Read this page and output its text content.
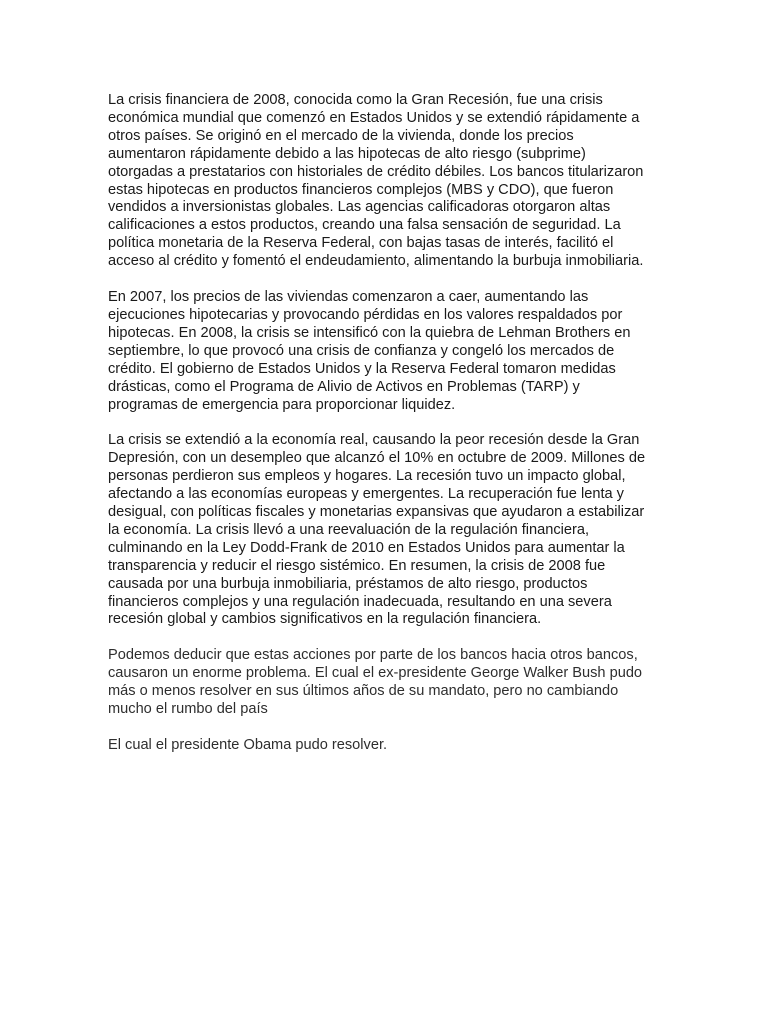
La crisis financiera de 2008, conocida como la Gran Recesión, fue una crisis
económica mundial que comenzó en Estados Unidos y se extendió rápidamente a
otros países. Se originó en el mercado de la vivienda, donde los precios
aumentaron rápidamente debido a las hipotecas de alto riesgo (subprime)
otorgadas a prestatarios con historiales de crédito débiles. Los bancos titularizaron
estas hipotecas en productos financieros complejos (MBS y CDO), que fueron
vendidos a inversionistas globales. Las agencias calificadoras otorgaron altas
calificaciones a estos productos, creando una falsa sensación de seguridad. La
política monetaria de la Reserva Federal, con bajas tasas de interés, facilitó el
acceso al crédito y fomentó el endeudamiento, alimentando la burbuja inmobiliaria.

En 2007, los precios de las viviendas comenzaron a caer, aumentando las
ejecuciones hipotecarias y provocando pérdidas en los valores respaldados por
hipotecas. En 2008, la crisis se intensificó con la quiebra de Lehman Brothers en
septiembre, lo que provocó una crisis de confianza y congeló los mercados de
crédito. El gobierno de Estados Unidos y la Reserva Federal tomaron medidas
drásticas, como el Programa de Alivio de Activos en Problemas (TARP) y
programas de emergencia para proporcionar liquidez.

La crisis se extendió a la economía real, causando la peor recesión desde la Gran
Depresión, con un desempleo que alcanzó el 10% en octubre de 2009. Millones de
personas perdieron sus empleos y hogares. La recesión tuvo un impacto global,
afectando a las economías europeas y emergentes. La recuperación fue lenta y
desigual, con políticas fiscales y monetarias expansivas que ayudaron a estabilizar
la economía. La crisis llevó a una reevaluación de la regulación financiera,
culminando en la Ley Dodd-Frank de 2010 en Estados Unidos para aumentar la
transparencia y reducir el riesgo sistémico. En resumen, la crisis de 2008 fue
causada por una burbuja inmobiliaria, préstamos de alto riesgo, productos
financieros complejos y una regulación inadecuada, resultando en una severa
recesión global y cambios significativos en la regulación financiera.

Podemos deducir que estas acciones por parte de los bancos hacia otros bancos,
causaron un enorme problema. El cual el ex-presidente George Walker Bush pudo
más o menos resolver en sus últimos años de su mandato, pero no cambiando
mucho el rumbo del país

El cual el presidente Obama pudo resolver.
